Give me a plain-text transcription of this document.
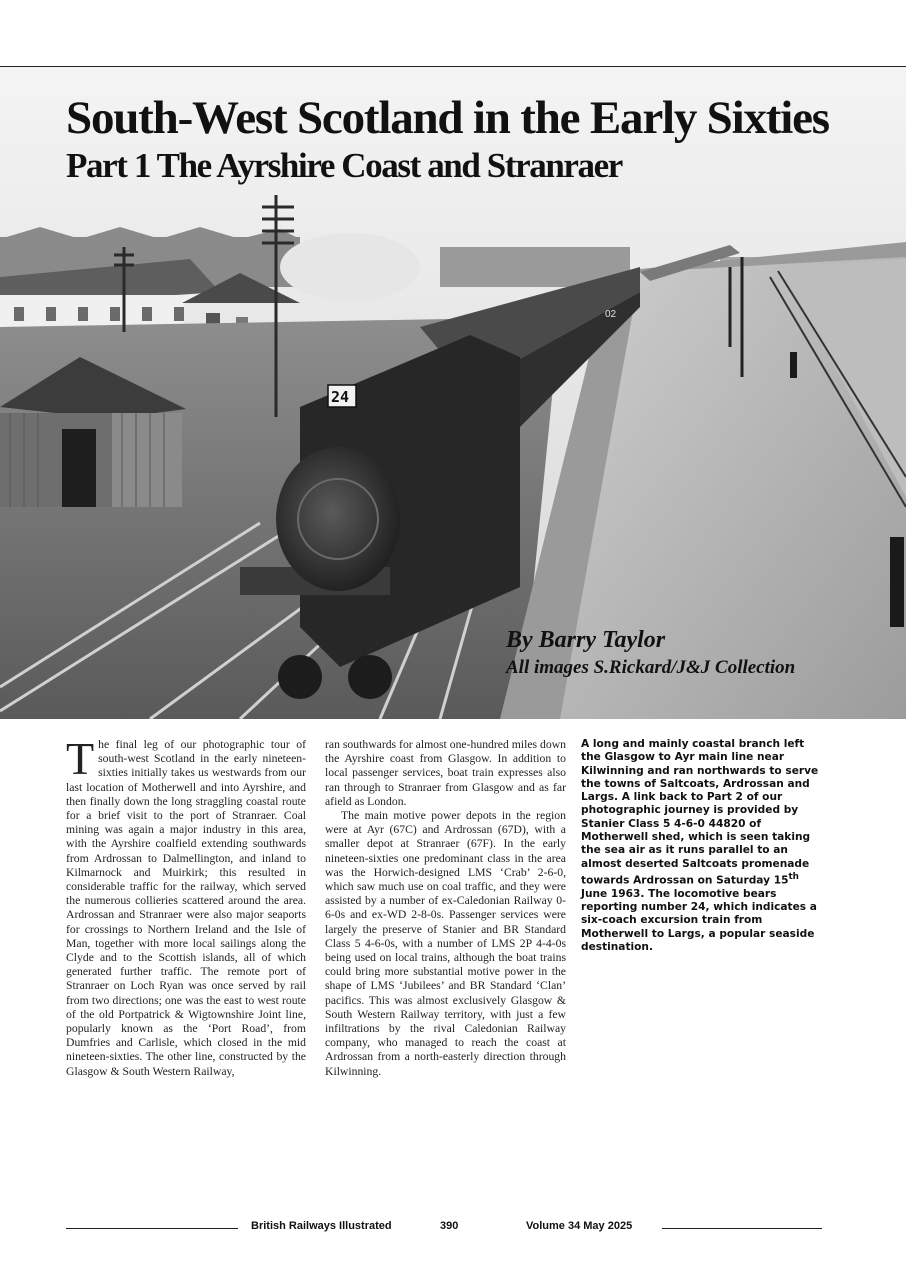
02
24
South-West Scotland in the Early Sixties
Part 1 The Ayrshire Coast and Stranraer
By Barry Taylor
All images S.Rickard/J&J Collection

The final leg of our photographic tour of south-west Scotland in the early nineteen-sixties initially takes us westwards from our last location of Motherwell and into Ayrshire, and then finally down the long straggling coastal route for a brief visit to the port of Stranraer. Coal mining was again a major industry in this area, with the Ayrshire coalfield extending southwards from Ardrossan to Dalmellington, and inland to Kilmarnock and Muirkirk; this resulted in considerable traffic for the railway, which served the numerous collieries scattered around the area. Ardrossan and Stranraer were also major seaports for crossings to Northern Ireland and the Isle of Man, together with more local sailings along the Clyde and to the Scottish islands, all of which generated further traffic. The remote port of Stranraer on Loch Ryan was once served by rail from two directions; one was the east to west route of the old Portpatrick & Wigtownshire Joint line, popularly known as the ‘Port Road’, from Dumfries and Carlisle, which closed in the mid nineteen-sixties. The other line, constructed by the Glasgow & South Western Railway,

ran southwards for almost one-hundred miles down the Ayrshire coast from Glasgow. In addition to local passenger services, boat train expresses also ran through to Stranraer from Glasgow and as far afield as London.

The main motive power depots in the region were at Ayr (67C) and Ardrossan (67D), with a smaller depot at Stranraer (67F). In the early nineteen-sixties one predominant class in the area was the Horwich-designed LMS ‘Crab’ 2-6-0, which saw much use on coal traffic, and they were assisted by a number of ex-Caledonian Railway 0-6-0s and ex-WD 2-8-0s. Passenger services were largely the preserve of Stanier and BR Standard Class 5 4-6-0s, with a number of LMS 2P 4-4-0s being used on local trains, although the boat trains could bring more substantial motive power in the shape of LMS ‘Jubilees’ and BR Standard ‘Clan’ pacifics. This was almost exclusively Glasgow & South Western Railway territory, with just a few infiltrations by the rival Caledonian Railway company, who managed to reach the coast at Ardrossan from a north-easterly direction through Kilwinning.

A long and mainly coastal branch left the Glasgow to Ayr main line near Kilwinning and ran northwards to serve the towns of Saltcoats, Ardrossan and Largs. A link back to Part 2 of our photographic journey is provided by Stanier Class 5 4-6-0 44820 of Motherwell shed, which is seen taking the sea air as it runs parallel to an almost deserted Saltcoats promenade towards Ardrossan on Saturday 15th June 1963. The locomotive bears reporting number 24, which indicates a six-coach excursion train from Motherwell to Largs, a popular seaside destination.
British Railways Illustrated	390	Volume 34 May 2025
